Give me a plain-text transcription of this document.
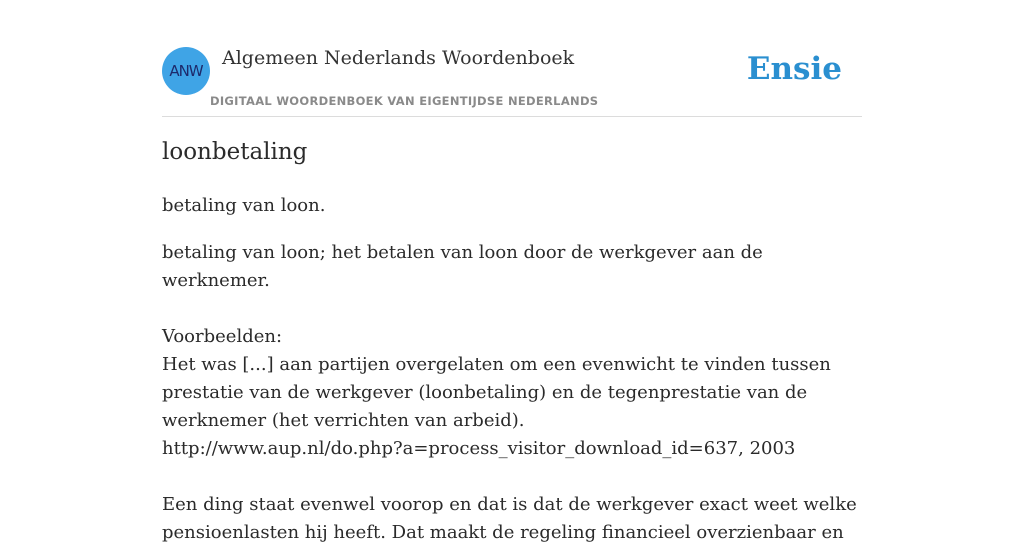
ANW
Algemeen Nederlands Woordenboek
DIGITAAL WOORDENBOEK VAN EIGENTIJDSE NEDERLANDS
Ensie
loonbetaling

betaling van loon.

betaling van loon; het betalen van loon door de werkgever aan de werknemer.

Voorbeelden:

Het was [...] aan partijen overgelaten om een evenwicht te vinden tussen prestatie van de werkgever (loonbetaling) en de tegenprestatie van de werknemer (het verrichten van arbeid).

http://www.aup.nl/do.php?a=process_visitor_download_id=637, 2003

Een ding staat evenwel voorop en dat is dat de werkgever exact weet welke pensioenlasten hij heeft. Dat maakt de regeling financieel overzienbaar en
